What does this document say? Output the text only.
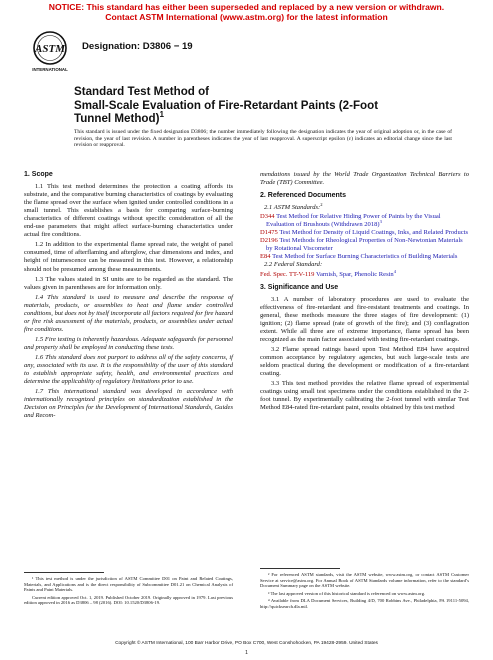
NOTICE: This standard has either been superseded and replaced by a new version or withdrawn.
Contact ASTM International (www.astm.org) for the latest information
ASTM
INTERNATIONAL
Designation: D3806 − 19
Standard Test Method of
Small-Scale Evaluation of Fire-Retardant Paints (2-Foot
Tunnel Method)$^1$
This standard is issued under the fixed designation D3806; the number immediately following the designation indicates the year of original adoption or, in the case of revision, the year of last revision. A number in parentheses indicates the year of last reapproval. A superscript epsilon (ε) indicates an editorial change since the last revision or reapproval.
1. Scope

1.1 This test method determines the protection a coating affords its substrate, and the comparative burning characteristics of coatings by evaluating the flame spread over the surface when ignited under controlled conditions in a small tunnel. This establishes a basis for comparing surface-burning characteristics of different coatings without specific consideration of all the end-use parameters that might affect surface-burning characteristics under actual fire conditions.

1.2 In addition to the experimental flame spread rate, the weight of panel consumed, time of afterflaming and afterglow, char dimensions and index, and height of intumescence can be measured in this test. However, a relationship should not be presumed among these measurements.

1.3 The values stated in SI units are to be regarded as the standard. The values given in parentheses are for information only.

1.4 This standard is used to measure and describe the response of materials, products, or assemblies to heat and flame under controlled conditions, but does not by itself incorporate all factors required for fire hazard or fire risk assessment of the materials, products, or assemblies under actual fire conditions.

1.5 Fire testing is inherently hazardous. Adequate safeguards for personnel and property shall be employed in conducting these tests.

1.6 This standard does not purport to address all of the safety concerns, if any, associated with its use. It is the responsibility of the user of this standard to establish appropriate safety, health, and environmental practices and determine the applicability of regulatory limitations prior to use.

1.7 This international standard was developed in accordance with internationally recognized principles on standardization established in the Decision on Principles for the Development of International Standards, Guides and Recom-

mendations issued by the World Trade Organization Technical Barriers to Trade (TBT) Committee.

2. Referenced Documents

2.1 ASTM Standards:$^2$

D344 Test Method for Relative Hiding Power of Paints by the Visual Evaluation of Brushouts (Withdrawn 2018)$^3$

D1475 Test Method for Density of Liquid Coatings, Inks, and Related Products

D2196 Test Methods for Rheological Properties of Non-Newtonian Materials by Rotational Viscometer

E84 Test Method for Surface Burning Characteristics of Building Materials

2.2 Federal Standard:

Fed. Spec. TT-V-119 Varnish, Spar, Phenolic Resin$^4$

3. Significance and Use

3.1 A number of laboratory procedures are used to evaluate the effectiveness of fire-retardant and fire-resistant treatments and coatings. In general, these methods measure the three stages of fire development: (1) ignition; (2) flame spread (rate of growth of the fire); and (3) conflagration extent. While all three are of extreme importance, flame spread has been recognized as the main factor associated with testing fire-retardant coatings.

3.2 Flame spread ratings based upon Test Method E84 have acquired common acceptance by regulatory agencies, but such large-scale tests are seldom practical during the development or modification of a fire-retardant coating.

3.3 This test method provides the relative flame spread of experimental coatings using small test specimens under the conditions established in the 2-foot tunnel. By experimentally calibrating the 2-foot tunnel with similar Test Method E84-rated fire-retardant paint, results obtained by this test method

¹ This test method is under the jurisdiction of ASTM Committee D01 on Paint and Related Coatings, Materials, and Applications and is the direct responsibility of Subcommittee D01.21 on Chemical Analysis of Paints and Paint Materials.

Current edition approved Oct. 1, 2019. Published October 2019. Originally approved in 1979. Last previous edition approved in 2016 as D3806 – 98 (2016). DOI: 10.1520/D3806-19.

² For referenced ASTM standards, visit the ASTM website, www.astm.org, or contact ASTM Customer Service at service@astm.org. For Annual Book of ASTM Standards volume information, refer to the standard’s Document Summary page on the ASTM website.

³ The last approved version of this historical standard is referenced on www.astm.org.

⁴ Available from DLA Document Services, Building 4/D, 700 Robbins Ave., Philadelphia, PA 19111-5094, http://quicksearch.dla.mil.

Copyright © ASTM International, 100 Barr Harbor Drive, PO Box C700, West Conshohocken, PA 19428-2959. United States
1
